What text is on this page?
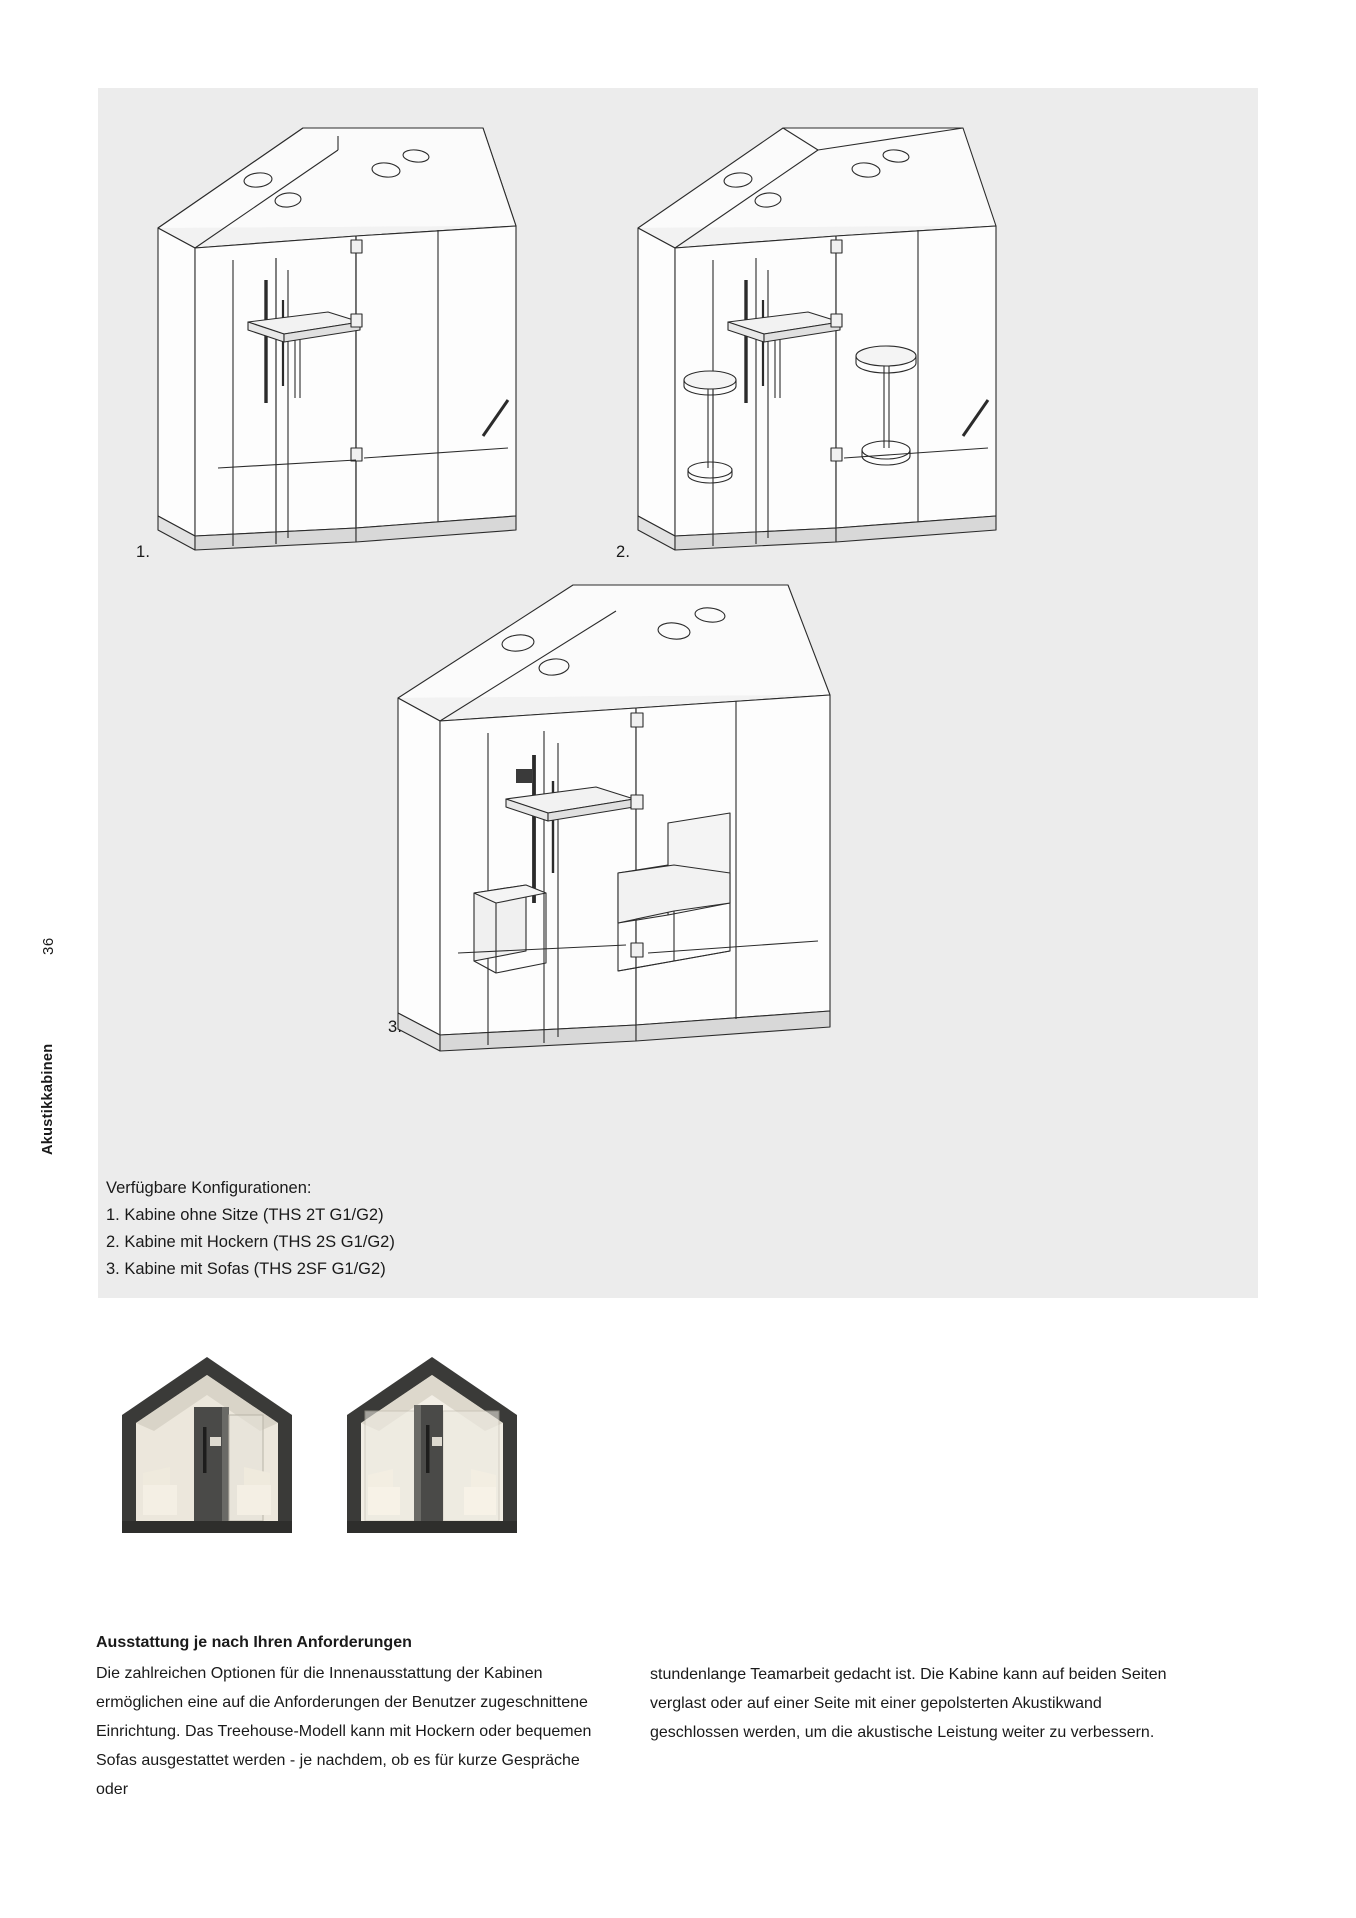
36
Akustikkabinen
1.	2.
3.
Verfügbare Konfigurationen:
1. Kabine ohne Sitze (THS 2T G1/G2)
2. Kabine mit Hockern (THS 2S G1/G2)
3. Kabine mit Sofas (THS 2SF G1/G2)
Ausstattung je nach Ihren Anforderungen
Die zahlreichen Optionen für die Innenausstattung der Kabinen ermöglichen eine auf die Anforderungen der Benutzer zugeschnittene Einrichtung. Das Treehouse-Modell kann mit Hockern oder bequemen Sofas ausgestattet werden - je nachdem, ob es für kurze Gespräche oder
stundenlange Teamarbeit gedacht ist. Die Kabine kann auf beiden Seiten verglast oder auf einer Seite mit einer gepolsterten Akustikwand geschlossen werden, um die akustische Leistung weiter zu verbessern.
